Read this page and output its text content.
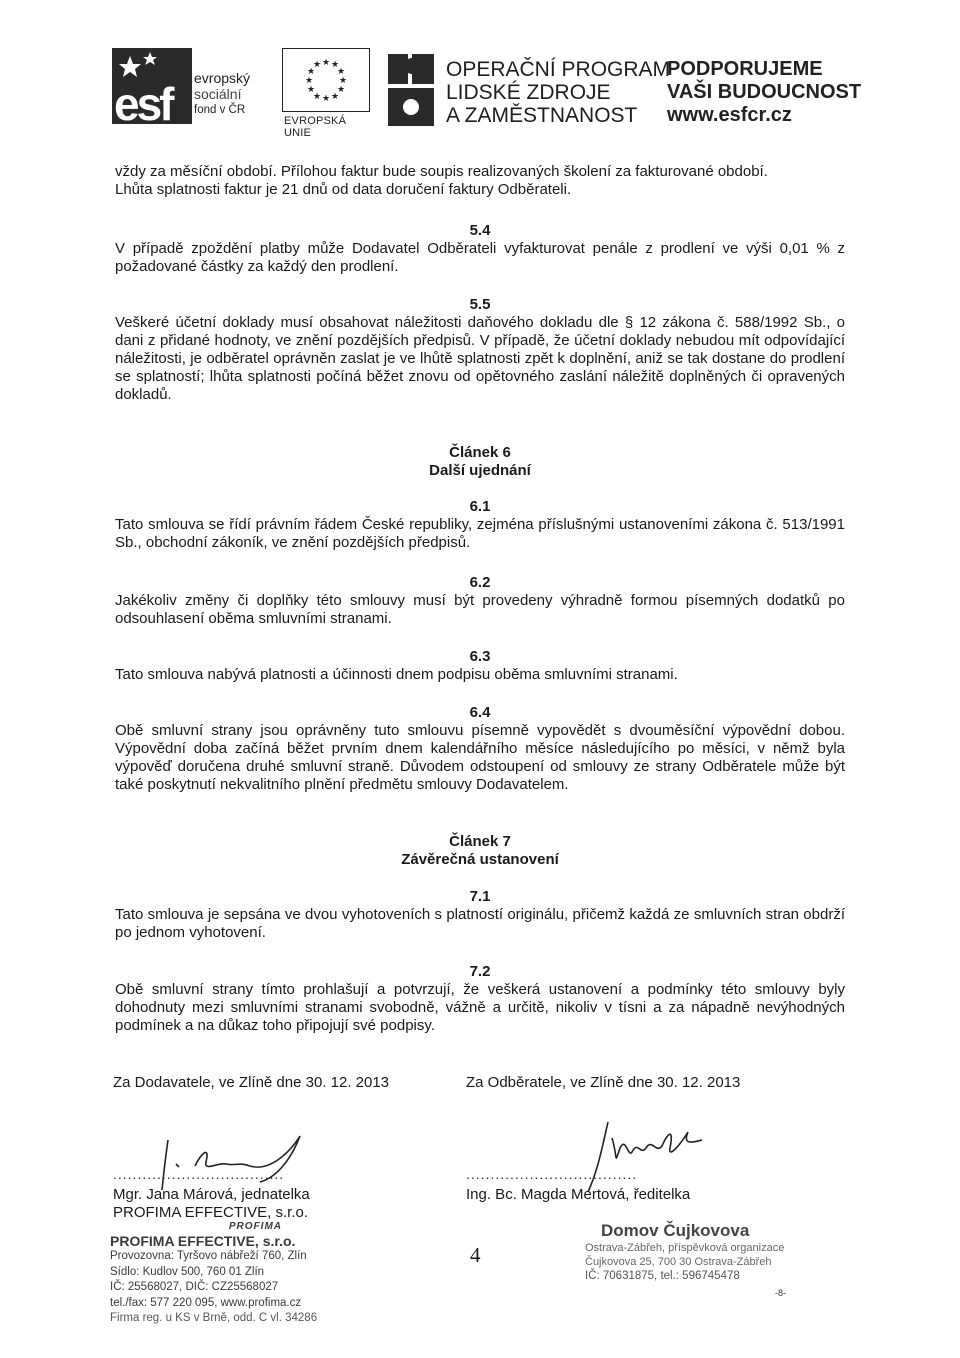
esf evropský
sociální
fond v ČR
★ ★
★
★
★
★
★
★
★
★
★
★
EVROPSKÁ UNIE
OPERAČNÍ PROGRAM
LIDSKÉ ZDROJE
A ZAMĚSTNANOST
PODPORUJEME
VAŠI BUDOUCNOST
www.esfcr.cz
vždy za měsíční období. Přílohou faktur bude soupis realizovaných školení za fakturované období.
Lhůta splatnosti faktur je 21 dnů od data doručení faktury Odběrateli.
5.4
V případě zpoždění platby může Dodavatel Odběrateli vyfakturovat penále z prodlení ve výši 0,01 % z požadované částky za každý den prodlení.
5.5
Veškeré účetní doklady musí obsahovat náležitosti daňového dokladu dle § 12 zákona č. 588/1992 Sb., o dani z přidané hodnoty, ve znění pozdějších předpisů. V případě, že účetní doklady nebudou mít odpovídající náležitosti, je odběratel oprávněn zaslat je ve lhůtě splatnosti zpět k doplnění, aniž se tak dostane do prodlení se splatností; lhůta splatnosti počíná běžet znovu od opětovného zaslání náležitě doplněných či opravených dokladů.
Článek 6
Další ujednání
6.1
Tato smlouva se řídí právním řádem České republiky, zejména příslušnými ustanoveními zákona č. 513/1991 Sb., obchodní zákoník, ve znění pozdějších předpisů.
6.2
Jakékoliv změny či doplňky této smlouvy musí být provedeny výhradně formou písemných dodatků po odsouhlasení oběma smluvními stranami.
6.3
Tato smlouva nabývá platnosti a účinnosti dnem podpisu oběma smluvními stranami.
6.4
Obě smluvní strany jsou oprávněny tuto smlouvu písemně vypovědět s dvouměsíční výpovědní dobou. Výpovědní doba začíná běžet prvním dnem kalendářního měsíce následujícího po měsíci, v němž byla výpověď doručena druhé smluvní straně. Důvodem odstoupení od smlouvy ze strany Odběratele může být také poskytnutí nekvalitního plnění předmětu smlouvy Dodavatelem.
Článek 7
Závěrečná ustanovení
7.1
Tato smlouva je sepsána ve dvou vyhotoveních s platností originálu, přičemž každá ze smluvních stran obdrží po jednom vyhotovení.
7.2
Obě smluvní strany tímto prohlašují a potvrzují, že veškerá ustanovení a podmínky této smlouvy byly dohodnuty mezi smluvními stranami svobodně, vážně a určitě, nikoliv v tísni a za nápadně nevýhodných podmínek a na důkaz toho připojují své podpisy.
Za Dodavatele, ve Zlíně dne 30. 12. 2013	Za Odběratele, ve Zlíně dne 30. 12. 2013
...................................	...................................
Mgr. Jana Márová, jednatelka
PROFIMA EFFECTIVE, s.r.o.
Ing. Bc. Magda Mertová, ředitelka
PROFIMA
PROFIMA EFFECTIVE, s.r.o.
Provozovna: Tyršovo nábřeží 760, Zlín
Sídlo: Kudlov 500, 760 01 Zlín
IČ: 25568027, DIČ: CZ25568027
tel./fax: 577 220 095, www.profima.cz
Firma reg. u KS v Brně, odd. C vl. 34286
Domov Čujkovova
Ostrava-Zábřeh, příspěvková organizace
Čujkovova 25, 700 30 Ostrava-Zábřeh
IČ: 70631875, tel.: 596745478
4
-8-
